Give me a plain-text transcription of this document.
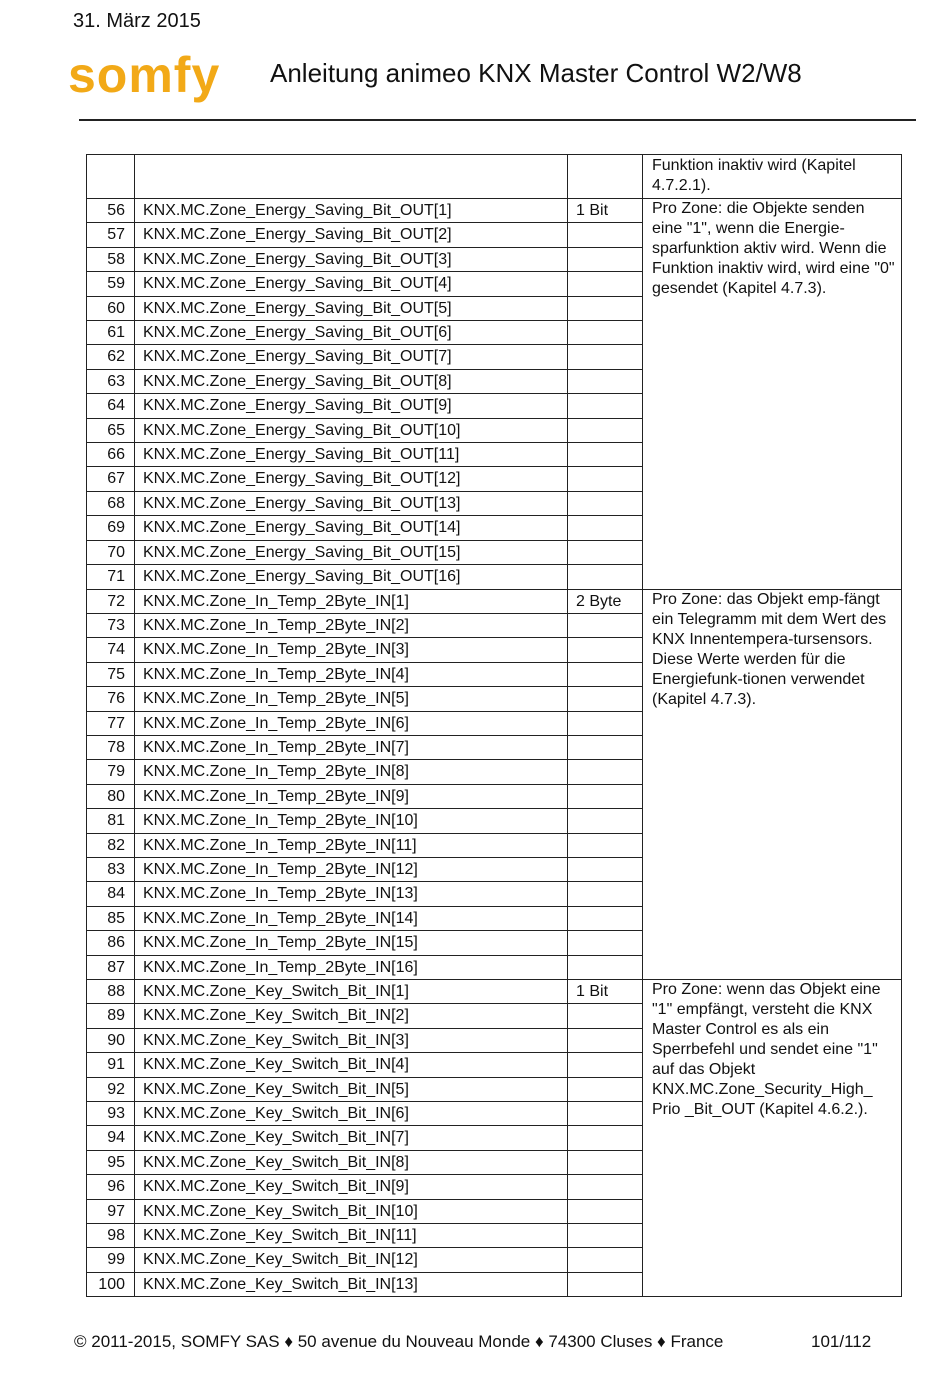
31. März 2015
somfy Anleitung animeo KNX Master Control W2/W8
			Funktion inaktiv wird (Kapitel 4.7.2.1).
56	KNX.MC.Zone_Energy_Saving_Bit_OUT[1]	1 Bit	Pro Zone: die Objekte senden eine "1", wenn die Energie-sparfunktion aktiv wird. Wenn die Funktion inaktiv wird, wird eine "0" gesendet (Kapitel 4.7.3).
57	KNX.MC.Zone_Energy_Saving_Bit_OUT[2]		
58	KNX.MC.Zone_Energy_Saving_Bit_OUT[3]		
59	KNX.MC.Zone_Energy_Saving_Bit_OUT[4]		
60	KNX.MC.Zone_Energy_Saving_Bit_OUT[5]		
61	KNX.MC.Zone_Energy_Saving_Bit_OUT[6]		
62	KNX.MC.Zone_Energy_Saving_Bit_OUT[7]		
63	KNX.MC.Zone_Energy_Saving_Bit_OUT[8]		
64	KNX.MC.Zone_Energy_Saving_Bit_OUT[9]		
65	KNX.MC.Zone_Energy_Saving_Bit_OUT[10]		
66	KNX.MC.Zone_Energy_Saving_Bit_OUT[11]		
67	KNX.MC.Zone_Energy_Saving_Bit_OUT[12]		
68	KNX.MC.Zone_Energy_Saving_Bit_OUT[13]		
69	KNX.MC.Zone_Energy_Saving_Bit_OUT[14]		
70	KNX.MC.Zone_Energy_Saving_Bit_OUT[15]		
71	KNX.MC.Zone_Energy_Saving_Bit_OUT[16]		
72	KNX.MC.Zone_In_Temp_2Byte_IN[1]	2 Byte	Pro Zone: das Objekt emp-fängt ein Telegramm mit dem Wert des KNX Innentempera-tursensors. Diese Werte werden für die Energiefunk-tionen verwendet (Kapitel 4.7.3).
73	KNX.MC.Zone_In_Temp_2Byte_IN[2]		
74	KNX.MC.Zone_In_Temp_2Byte_IN[3]		
75	KNX.MC.Zone_In_Temp_2Byte_IN[4]		
76	KNX.MC.Zone_In_Temp_2Byte_IN[5]		
77	KNX.MC.Zone_In_Temp_2Byte_IN[6]		
78	KNX.MC.Zone_In_Temp_2Byte_IN[7]		
79	KNX.MC.Zone_In_Temp_2Byte_IN[8]		
80	KNX.MC.Zone_In_Temp_2Byte_IN[9]		
81	KNX.MC.Zone_In_Temp_2Byte_IN[10]		
82	KNX.MC.Zone_In_Temp_2Byte_IN[11]		
83	KNX.MC.Zone_In_Temp_2Byte_IN[12]		
84	KNX.MC.Zone_In_Temp_2Byte_IN[13]		
85	KNX.MC.Zone_In_Temp_2Byte_IN[14]		
86	KNX.MC.Zone_In_Temp_2Byte_IN[15]		
87	KNX.MC.Zone_In_Temp_2Byte_IN[16]		
88	KNX.MC.Zone_Key_Switch_Bit_IN[1]	1 Bit	Pro Zone: wenn das Objekt eine "1" empfängt, versteht die KNX Master Control es als ein Sperrbefehl und sendet eine "1" auf das Objekt KNX.MC.Zone_Security_High_ Prio _Bit_OUT (Kapitel 4.6.2.).
89	KNX.MC.Zone_Key_Switch_Bit_IN[2]		
90	KNX.MC.Zone_Key_Switch_Bit_IN[3]		
91	KNX.MC.Zone_Key_Switch_Bit_IN[4]		
92	KNX.MC.Zone_Key_Switch_Bit_IN[5]		
93	KNX.MC.Zone_Key_Switch_Bit_IN[6]		
94	KNX.MC.Zone_Key_Switch_Bit_IN[7]		
95	KNX.MC.Zone_Key_Switch_Bit_IN[8]		
96	KNX.MC.Zone_Key_Switch_Bit_IN[9]		
97	KNX.MC.Zone_Key_Switch_Bit_IN[10]		
98	KNX.MC.Zone_Key_Switch_Bit_IN[11]		
99	KNX.MC.Zone_Key_Switch_Bit_IN[12]		
100	KNX.MC.Zone_Key_Switch_Bit_IN[13]		
© 2011-2015, SOMFY SAS ♦ 50 avenue du Nouveau Monde ♦ 74300 Cluses ♦ France	101/112
